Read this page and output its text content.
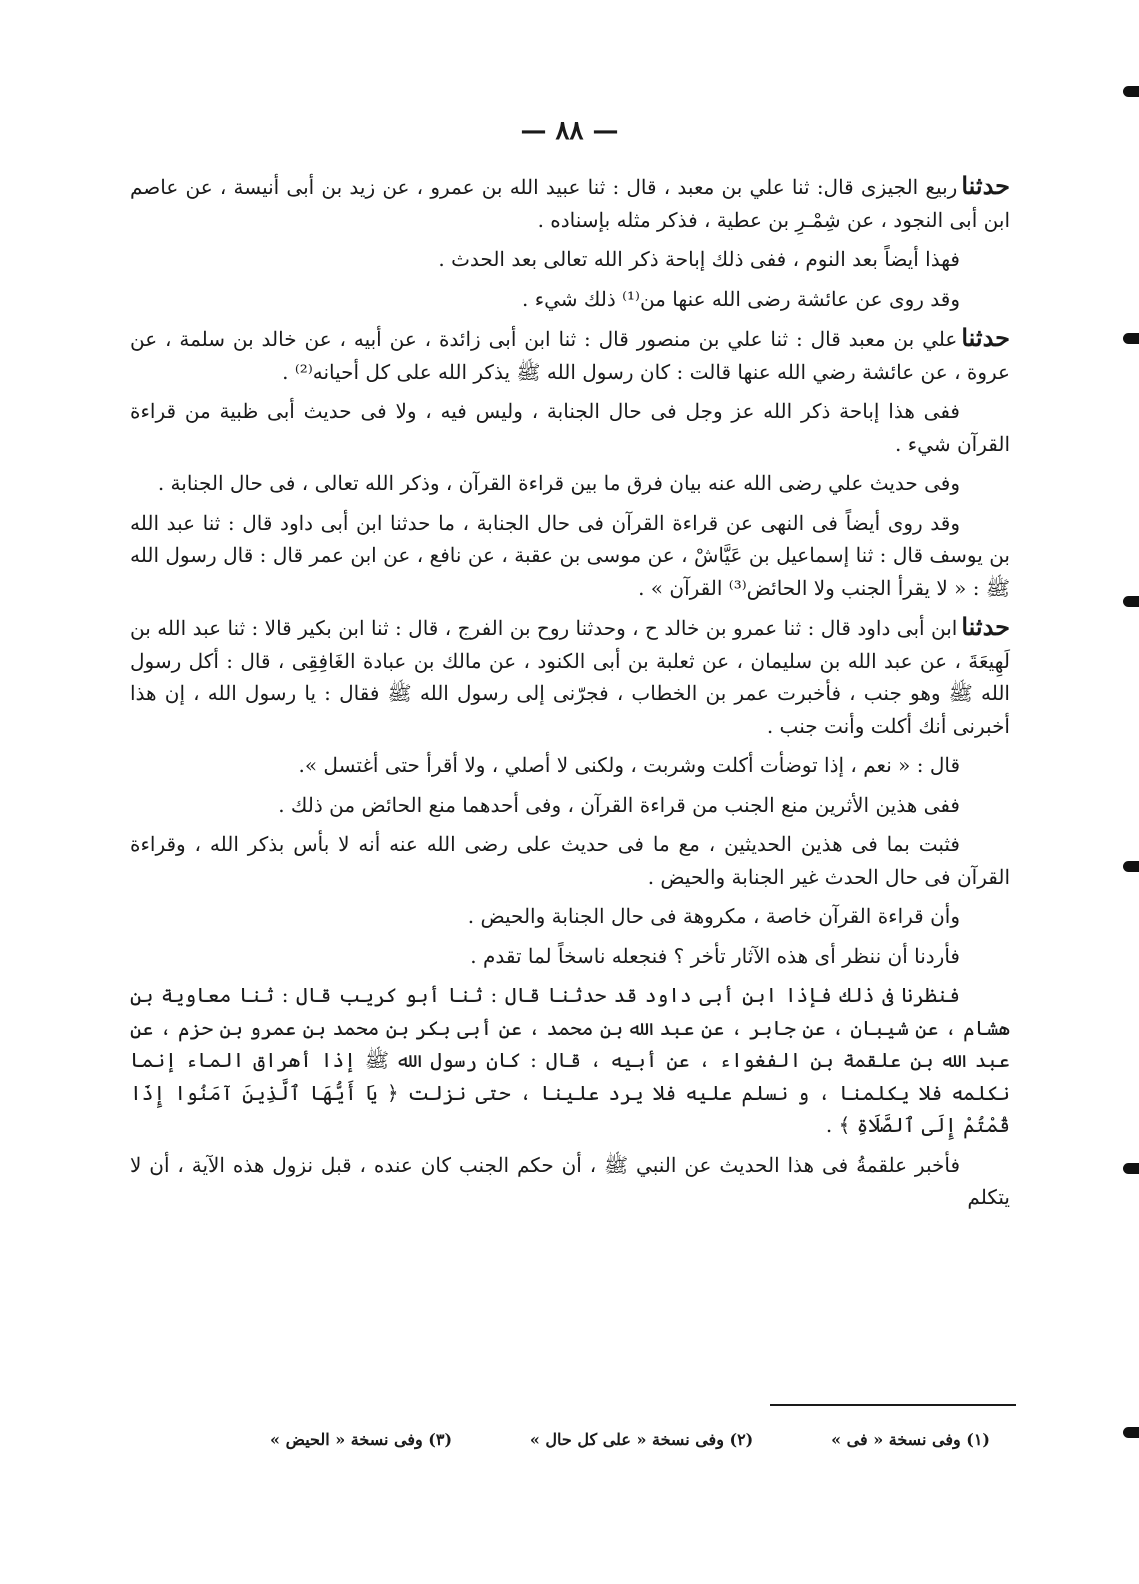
— ٨٨ —

حدثناربيع الجيزى قال: ثنا علي بن معبد ، قال : ثنا عبيد الله بن عمرو ، عن زيد بن أبى أنيسة ، عن عاصم ابن أبى النجود ، عن شِمْـرِ بن عطية ، فذكر مثله بإسناده .

فهذا أيضاً بعد النوم ، ففى ذلك إباحة ذكر الله تعالى بعد الحدث .

وقد روى عن عائشة رضى الله عنها من⁽¹⁾ ذلك شيء .

حدثناعلي بن معبد قال : ثنا علي بن منصور قال : ثنا ابن أبى زائدة ، عن أبيه ، عن خالد بن سلمة ، عن عروة ، عن عائشة رضي الله عنها قالت : كان رسول الله ﷺ يذكر الله على كل أحيانه⁽²⁾ .

ففى هذا إباحة ذكر الله عز وجل فى حال الجنابة ، وليس فيه ، ولا فى حديث أبى ظبية من قراءة القرآن شيء .

وفى حديث علي رضى الله عنه بيان فرق ما بين قراءة القرآن ، وذكر الله تعالى ، فى حال الجنابة .

وقد روى أيضاً فى النهى عن قراءة القرآن فى حال الجنابة ، ما حدثنا ابن أبى داود قال : ثنا عبد الله بن يوسف قال : ثنا إسماعيل بن عَيَّاشْ ، عن موسى بن عقبة ، عن نافع ، عن ابن عمر قال : قال رسول الله ﷺ : « لا يقرأ الجنب ولا الحائض⁽³⁾ القرآن » .

حدثناابن أبى داود قال : ثنا عمرو بن خالد ح ، وحدثنا روح بن الفرج ، قال : ثنا ابن بكير قالا : ثنا عبد الله بن لَهِيعَةَ ، عن عبد الله بن سليمان ، عن ثعلبة بن أبى الكنود ، عن مالك بن عبادة الغَافِقِى ، قال : أكل رسول الله ﷺ وهو جنب ، فأخبرت عمر بن الخطاب ، فجرّنى إلى رسول الله ﷺ فقال : يا رسول الله ، إن هذا أخبرنى أنك أكلت وأنت جنب .

قال : « نعم ، إذا توضأت أكلت وشربت ، ولكنى لا أصلي ، ولا أقرأ حتى أغتسل ».

ففى هذين الأثرين منع الجنب من قراءة القرآن ، وفى أحدهما منع الحائض من ذلك .

فثبت بما فى هذين الحديثين ، مع ما فى حديث على رضى الله عنه أنه لا بأس بذكر الله ، وقراءة القرآن فى حال الحدث غير الجنابة والحيض .

وأن قراءة القرآن خاصة ، مكروهة فى حال الجنابة والحيض .

فأردنا أن ننظر أى هذه الآثار تأخر ؟ فنجعله ناسخاً لما تقدم .

فنظرنا فى ذلك فإذا ابن أبى داود قد حدثنا قال : ثنا أبو كريب قال : ثنا معاوية بن هشام ، عن شيبان ، عن جابر ، عن عبد الله بن محمد ، عن أبى بكر بن محمد بن عمرو بن حزم ، عن عبد الله بن علقمة بن الفغواء ، عن أبيه ، قال : كان رسول الله ﷺ إذا أهراق الماء إنما نكلمه فلا يكلمنا ، و نسلم عليه فلا يرد علينا ، حتى نزلت ﴿ يَا أَيُّهَا ٱلَّذِينَ آمَنُوا إِذَا قُمْتُمْ إِلَى ٱلصَّلَاةِ ﴾ .

فأخبر علقمةُ فى هذا الحديث عن النبي ﷺ ، أن حكم الجنب كان عنده ، قبل نزول هذه الآية ، أن لا يتكلم

(١) وفى نسخة « فى »
(٢) وفى نسخة « على كل حال »
(٣) وفى نسخة « الحيض »
